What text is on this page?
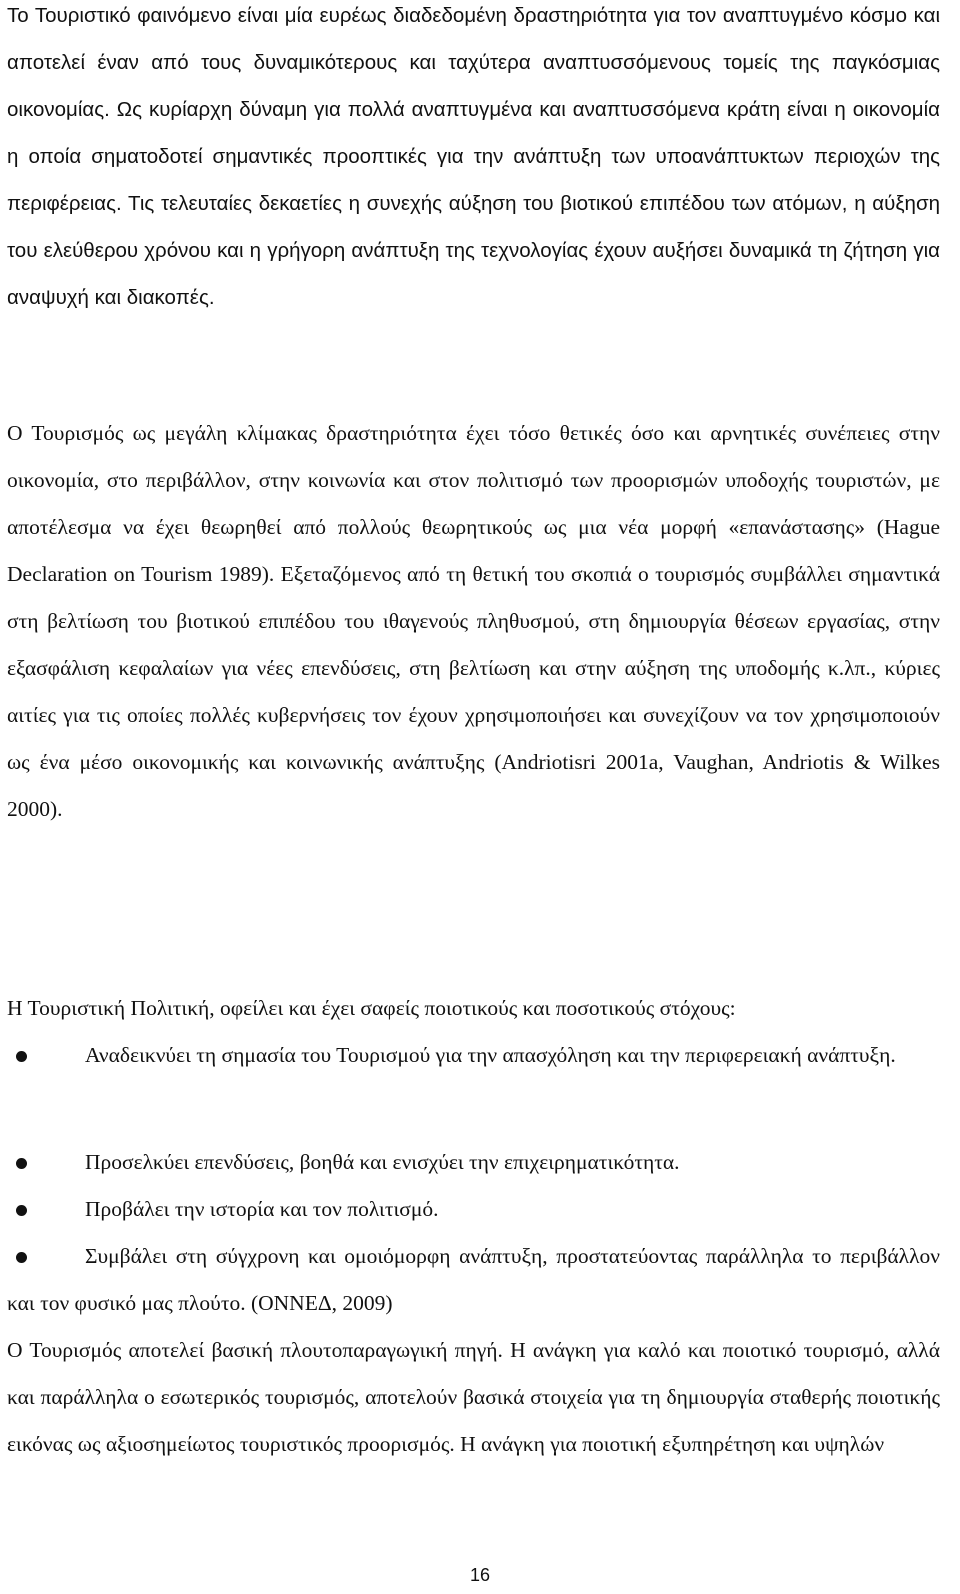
Το Τουριστικό φαινόμενο είναι μία ευρέως διαδεδομένη δραστηριότητα για τον αναπτυγμένο κόσμο και αποτελεί έναν από τους δυναμικότερους και ταχύτερα αναπτυσσόμενους τομείς της παγκόσμιας οικονομίας. Ως κυρίαρχη δύναμη για πολλά αναπτυγμένα και αναπτυσσόμενα κράτη είναι η οικονομία η οποία σηματοδοτεί σημαντικές προοπτικές για την ανάπτυξη των υποανάπτυκτων περιοχών της περιφέρειας. Τις τελευταίες δεκαετίες η συνεχής αύξηση του βιοτικού επιπέδου των ατόμων, η αύξηση του ελεύθερου χρόνου και η γρήγορη ανάπτυξη της τεχνολογίας έχουν αυξήσει δυναμικά τη ζήτηση για αναψυχή και διακοπές.

Ο Τουρισμός ως μεγάλη κλίμακας δραστηριότητα έχει τόσο θετικές όσο και αρνητικές συνέπειες στην οικονομία, στο περιβάλλον, στην κοινωνία και στον πολιτισμό των προορισμών υποδοχής τουριστών, με αποτέλεσμα να έχει θεωρηθεί από πολλούς θεωρητικούς ως μια νέα μορφή «επανάστασης» (Hague Declaration on Tourism 1989). Εξεταζόμενος από τη θετική του σκοπιά ο τουρισμός συμβάλλει σημαντικά στη βελτίωση του βιοτικού επιπέδου του ιθαγενούς πληθυσμού, στη δημιουργία θέσεων εργασίας, στην εξασφάλιση κεφαλαίων για νέες επενδύσεις, στη βελτίωση και στην αύξηση της υποδομής κ.λπ., κύριες αιτίες για τις οποίες πολλές κυβερνήσεις τον έχουν χρησιμοποιήσει και συνεχίζουν να τον χρησιμοποιούν ως ένα μέσο οικονομικής και κοινωνικής ανάπτυξης (Andriotisri 2001a, Vaughan, Andriotis & Wilkes 2000).

Η Τουριστική Πολιτική, οφείλει και έχει σαφείς ποιοτικούς και ποσοτικούς στόχους:

Αναδεικνύει τη σημασία του Τουρισμού για την απασχόληση και την περιφερειακή ανάπτυξη.

Προσελκύει επενδύσεις, βοηθά και ενισχύει την επιχειρηματικότητα.

Προβάλει την ιστορία και τον πολιτισμό.

Συμβάλει στη σύγχρονη και ομοιόμορφη ανάπτυξη, προστατεύοντας παράλληλα το περιβάλλον και τον φυσικό μας πλούτο. (ΟΝΝΕΔ, 2009)

Ο Τουρισμός αποτελεί βασική πλουτοπαραγωγική πηγή. Η ανάγκη για καλό και ποιοτικό τουρισμό, αλλά και παράλληλα ο εσωτερικός τουρισμός, αποτελούν βασικά στοιχεία για τη δημιουργία σταθερής ποιοτικής εικόνας ως αξιοσημείωτος τουριστικός προορισμός. Η ανάγκη για ποιοτική εξυπηρέτηση και υψηλών

16
